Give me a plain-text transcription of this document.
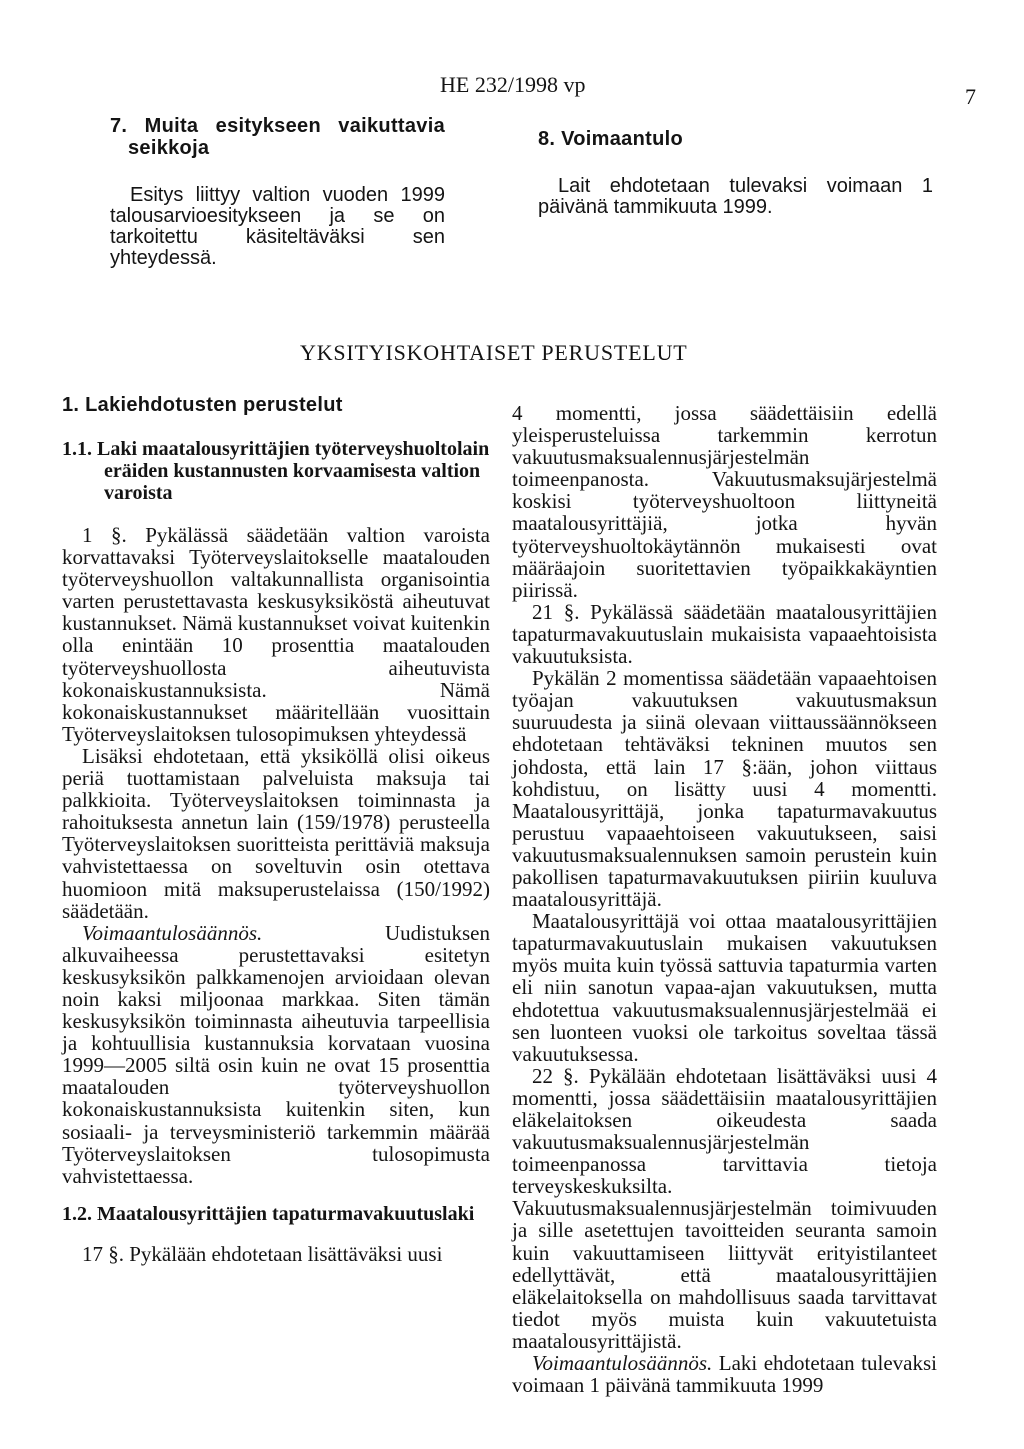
HE 232/1998 vp	7
7. Muita esitykseen vaikuttavia seikkoja

Esitys liittyy valtion vuoden 1999 talousarvioesitykseen ja se on tarkoitettu käsiteltäväksi sen yhteydessä.

8. Voimaantulo

Lait ehdotetaan tulevaksi voimaan 1 päivänä tammikuuta 1999.

YKSITYISKOHTAISET PERUSTELUT
1. Lakiehdotusten perustelut
1.1. Laki maatalousyrittäjien työterveyshuoltolain eräiden kustannusten korvaamisesta valtion varoista

1 §. Pykälässä säädetään valtion varoista korvattavaksi Työterveyslaitokselle maatalouden työterveyshuollon valtakunnallista organisointia varten perustettavasta keskusyksiköstä aiheutuvat kustannukset. Nämä kustannukset voivat kuitenkin olla enintään 10 prosenttia maatalouden työterveyshuollosta aiheutuvista kokonaiskustannuksista. Nämä kokonaiskustannukset määritellään vuosittain Työterveyslaitoksen tulosopimuksen yhteydessä

Lisäksi ehdotetaan, että yksiköllä olisi oikeus periä tuottamistaan palveluista maksuja tai palkkioita. Työterveyslaitoksen toiminnasta ja rahoituksesta annetun lain (159/1978) perusteella Työterveyslaitoksen suoritteista perittäviä maksuja vahvistettaessa on soveltuvin osin otettava huomioon mitä maksuperustelaissa (150/1992) säädetään.

Voimaantulosäännös. Uudistuksen alkuvaiheessa perustettavaksi esitetyn keskusyksikön palkkamenojen arvioidaan olevan noin kaksi miljoonaa markkaa. Siten tämän keskusyksikön toiminnasta aiheutuvia tarpeellisia ja kohtuullisia kustannuksia korvataan vuosina 1999—2005 siltä osin kuin ne ovat 15 prosenttia maatalouden työterveyshuollon kokonaiskustannuksista kuitenkin siten, kun sosiaali- ja terveysministeriö tarkemmin määrää Työterveyslaitoksen tulosopimusta vahvistettaessa.

1.2. Maatalousyrittäjien tapaturmavakuutuslaki

17 §. Pykälään ehdotetaan lisättäväksi uusi

4 momentti, jossa säädettäisiin edellä yleisperusteluissa tarkemmin kerrotun vakuutusmaksualennusjärjestelmän toimeenpanosta. Vakuutusmaksujärjestelmä koskisi työterveyshuoltoon liittyneitä maatalousyrittäjiä, jotka hyvän työterveyshuoltokäytännön mukaisesti ovat määräajoin suoritettavien työpaikkakäyntien piirissä.

21 §. Pykälässä säädetään maatalousyrittäjien tapaturmavakuutuslain mukaisista vapaaehtoisista vakuutuksista.

Pykälän 2 momentissa säädetään vapaaehtoisen työajan vakuutuksen vakuutusmaksun suuruudesta ja siinä olevaan viittaussäännökseen ehdotetaan tehtäväksi tekninen muutos sen johdosta, että lain 17 §:ään, johon viittaus kohdistuu, on lisätty uusi 4 momentti. Maatalousyrittäjä, jonka tapaturmavakuutus perustuu vapaaehtoiseen vakuutukseen, saisi vakuutusmaksualennuksen samoin perustein kuin pakollisen tapaturmavakuutuksen piiriin kuuluva maatalousyrittäjä.

Maatalousyrittäjä voi ottaa maatalousyrittäjien tapaturmavakuutuslain mukaisen vakuutuksen myös muita kuin työssä sattuvia tapaturmia varten eli niin sanotun vapaa-ajan vakuutuksen, mutta ehdotettua vakuutusmaksualennusjärjestelmää ei sen luonteen vuoksi ole tarkoitus soveltaa tässä vakuutuksessa.

22 §. Pykälään ehdotetaan lisättäväksi uusi 4 momentti, jossa säädettäisiin maatalousyrittäjien eläkelaitoksen oikeudesta saada vakuutusmaksualennusjärjestelmän toimeenpanossa tarvittavia tietoja terveyskeskuksilta. Vakuutusmaksualennusjärjestelmän toimivuuden ja sille asetettujen tavoitteiden seuranta samoin kuin vakuuttamiseen liittyvät erityistilanteet edellyttävät, että maatalousyrittäjien eläkelaitoksella on mahdollisuus saada tarvittavat tiedot myös muista kuin vakuutetuista maatalousyrittäjistä.

Voimaantulosäännös. Laki ehdotetaan tulevaksi voimaan 1 päivänä tammikuuta 1999
